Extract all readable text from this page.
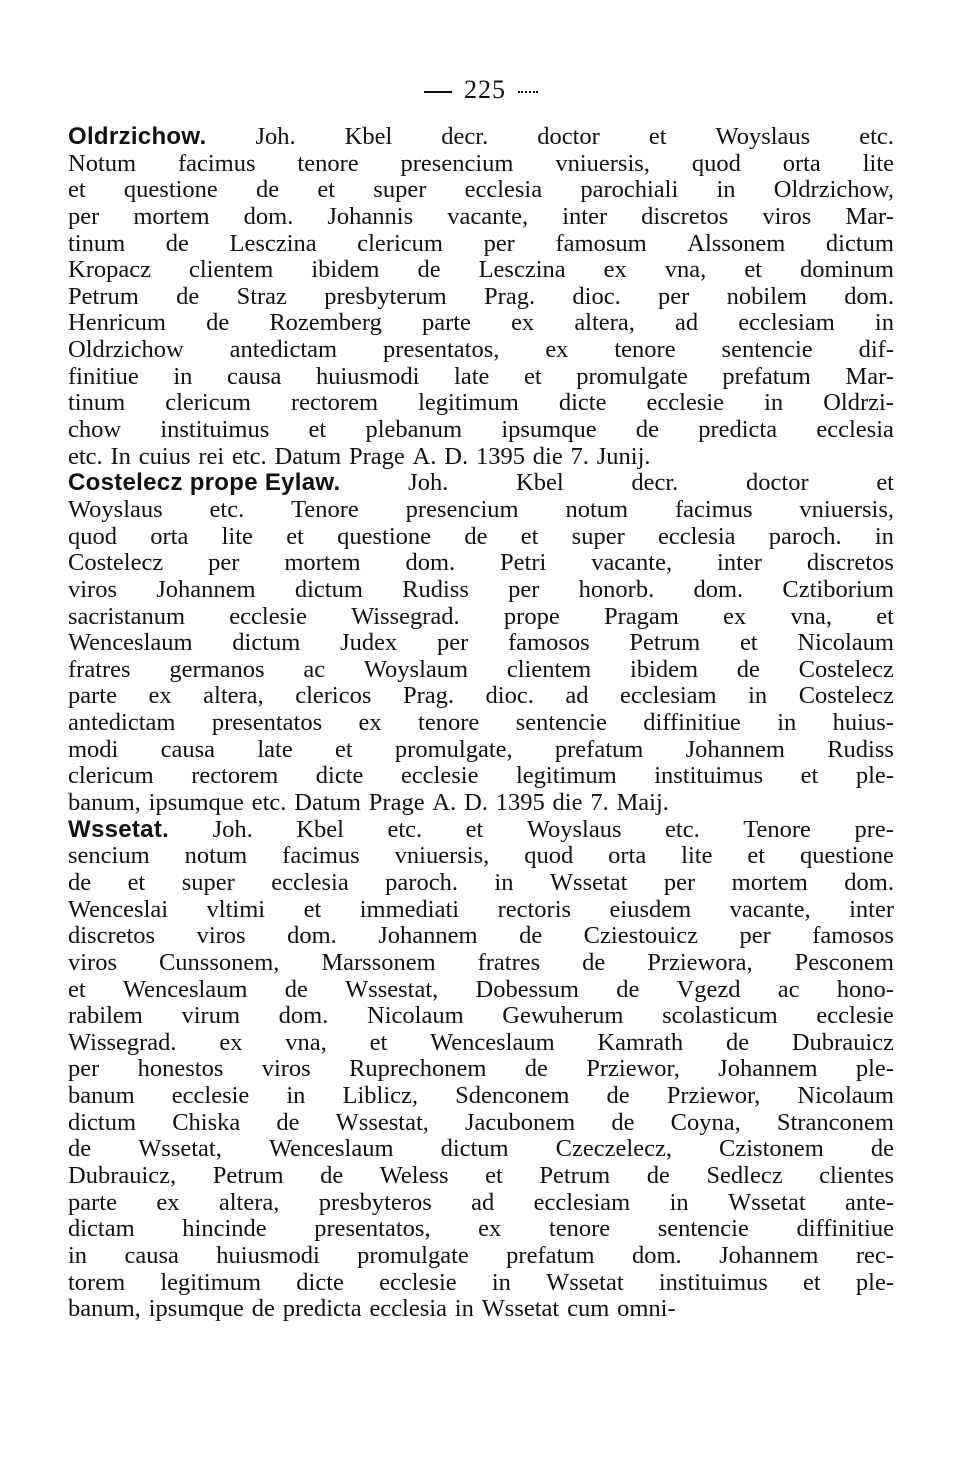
225
Oldrzichow. Joh. Kbel decr. doctor et Woyslaus etc.
Notum facimus tenore presencium vniuersis, quod orta lite
et questione de et super ecclesia parochiali in Oldrzichow,
per mortem dom. Johannis vacante, inter discretos viros Mar-
tinum de Lesczina clericum per famosum Alssonem dictum
Kropacz clientem ibidem de Lesczina ex vna, et dominum
Petrum de Straz presbyterum Prag. dioc. per nobilem dom.
Henricum de Rozemberg parte ex altera, ad ecclesiam in
Oldrzichow antedictam presentatos, ex tenore sentencie dif-
finitiue in causa huiusmodi late et promulgate prefatum Mar-
tinum clericum rectorem legitimum dicte ecclesie in Oldrzi-
chow instituimus et plebanum ipsumque de predicta ecclesia
etc. In cuius rei etc. Datum Prage A. D. 1395 die 7. Junij.
Costelecz prope Eylaw.	Joh.	Kbel	decr.	doctor	et
Woyslaus etc. Tenore presencium notum facimus vniuersis,
quod orta lite et questione de et super ecclesia paroch. in
Costelecz per mortem dom. Petri vacante, inter discretos
viros Johannem dictum Rudiss per honorb. dom. Cztiborium
sacristanum ecclesie Wissegrad. prope Pragam ex vna, et
Wenceslaum dictum Judex per famosos Petrum et Nicolaum
fratres germanos ac Woyslaum clientem ibidem de Costelecz
parte ex altera, clericos Prag. dioc. ad ecclesiam in Costelecz
antedictam presentatos ex tenore sentencie diffinitiue in huius-
modi causa late et promulgate, prefatum Johannem Rudiss
clericum rectorem dicte ecclesie legitimum instituimus et ple-
banum, ipsumque etc. Datum Prage A. D. 1395 die 7. Maij.
Wssetat. Joh. Kbel etc. et Woyslaus etc. Tenore pre-
sencium notum facimus vniuersis, quod orta lite et questione
de et super ecclesia paroch. in Wssetat per mortem dom.
Wenceslai vltimi et immediati rectoris eiusdem vacante, inter
discretos viros dom. Johannem de Cziestouicz per famosos
viros Cunssonem, Marssonem fratres de Prziewora, Pesconem
et Wenceslaum de Wssestat, Dobessum de Vgezd ac hono-
rabilem virum dom. Nicolaum Gewuherum scolasticum ecclesie
Wissegrad. ex vna, et Wenceslaum Kamrath de Dubrauicz
per honestos viros Ruprechonem de Prziewor, Johannem ple-
banum ecclesie in Liblicz, Sdenconem de Prziewor, Nicolaum
dictum Chiska de Wssestat, Jacubonem de Coyna, Stranconem
de Wssetat, Wenceslaum dictum Czeczelecz, Czistonem de
Dubrauicz, Petrum de Weless et Petrum de Sedlecz clientes
parte ex altera, presbyteros ad ecclesiam in Wssetat ante-
dictam hincinde presentatos, ex tenore sentencie diffinitiue
in causa huiusmodi promulgate prefatum dom. Johannem rec-
torem legitimum dicte ecclesie in Wssetat instituimus et ple-
banum, ipsumque de predicta ecclesia in Wssetat cum omni-
